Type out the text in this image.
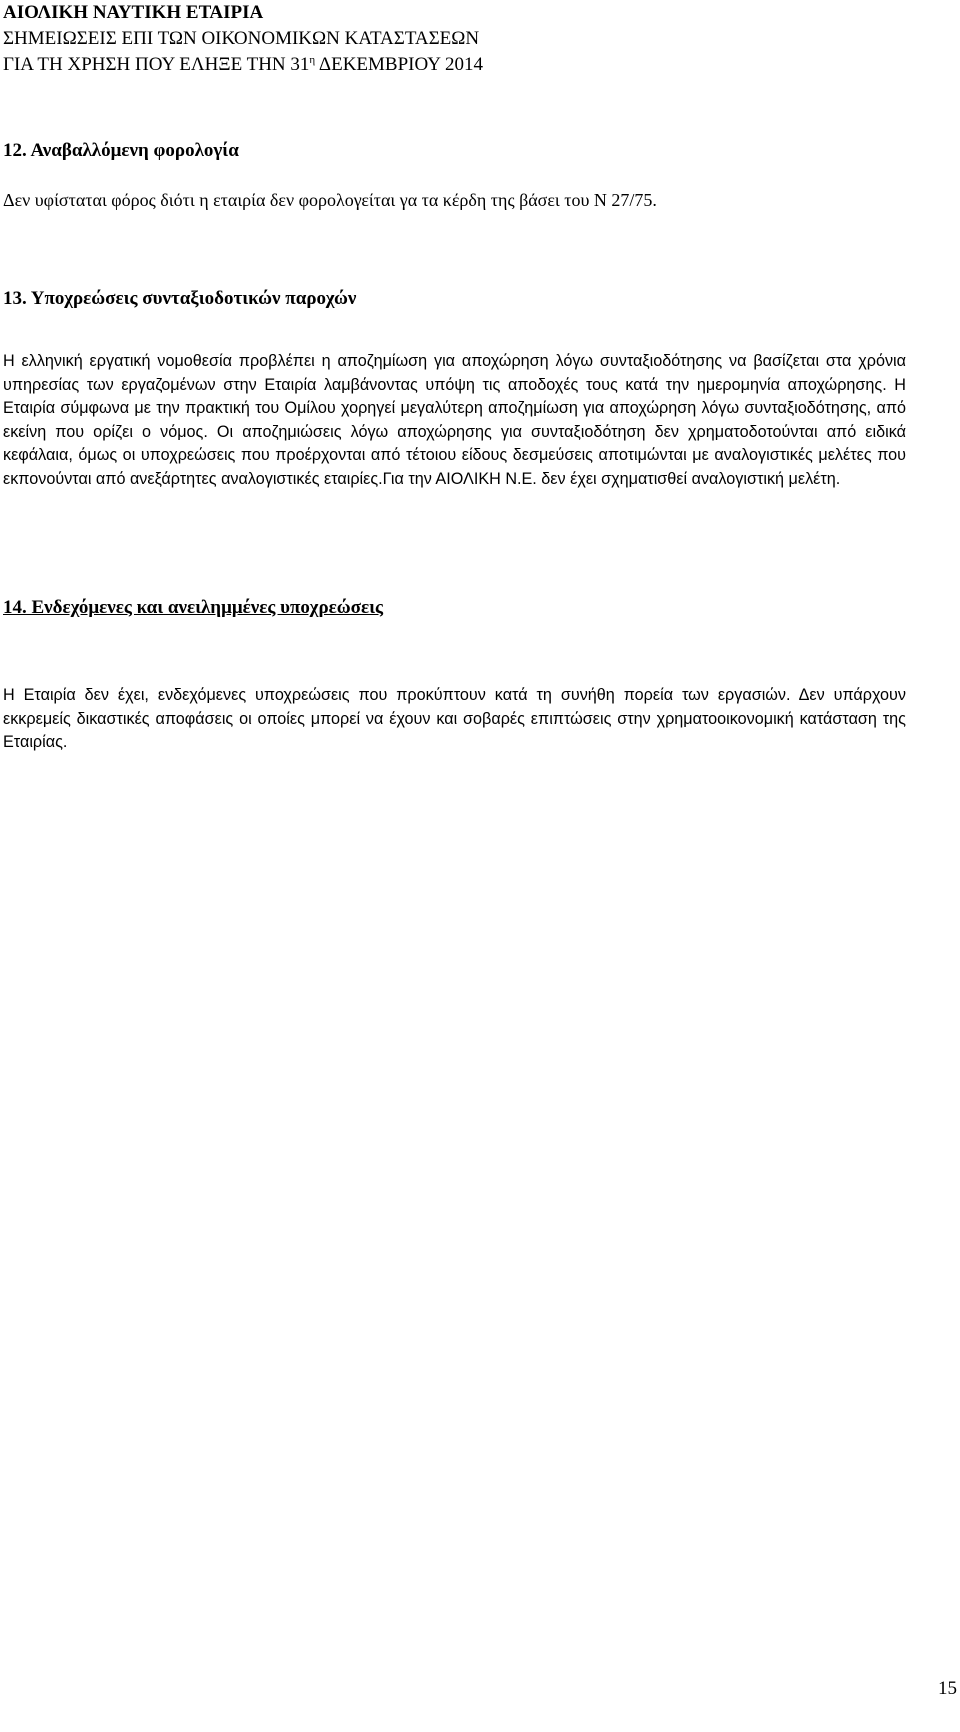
ΑΙΟΛΙΚΗ ΝΑΥΤΙΚΗ ΕΤΑΙΡΙΑ
ΣΗΜΕΙΩΣΕΙΣ ΕΠΙ ΤΩΝ ΟΙΚΟΝΟΜΙΚΩΝ ΚΑΤΑΣΤΑΣΕΩΝ
ΓΙΑ ΤΗ ΧΡΗΣΗ ΠΟΥ ΕΛΗΞΕ ΤΗΝ $31^\eta$ ΔΕΚΕΜΒΡΙΟΥ 2014
12. Αναβαλλόμενη φορολογία
Δεν υφίσταται φόρος διότι η εταιρία δεν φορολογείται γα τα κέρδη της βάσει του Ν 27/75.
13. Υποχρεώσεις συνταξιοδοτικών παροχών
Η ελληνική εργατική νομοθεσία προβλέπει η αποζημίωση για αποχώρηση λόγω συνταξιοδότησης να βασίζεται στα χρόνια υπηρεσίας των εργαζομένων στην Εταιρία λαμβάνοντας υπόψη τις αποδοχές τους κατά την ημερομηνία αποχώρησης. Η Εταιρία σύμφωνα με την πρακτική του Ομίλου χορηγεί μεγαλύτερη αποζημίωση για αποχώρηση λόγω συνταξιοδότησης, από εκείνη που ορίζει ο νόμος. Οι αποζημιώσεις λόγω αποχώρησης για συνταξιοδότηση δεν χρηματοδοτούνται από ειδικά κεφάλαια, όμως οι υποχρεώσεις που προέρχονται από τέτοιου είδους δεσμεύσεις αποτιμώνται με αναλογιστικές μελέτες που εκπονούνται από ανεξάρτητες αναλογιστικές εταιρίες.Για την ΑΙΟΛΙΚΗ Ν.Ε. δεν έχει σχηματισθεί αναλογιστική μελέτη.
14. Ενδεχόμενες και ανειλημμένες υποχρεώσεις
Η Εταιρία δεν έχει, ενδεχόμενες υποχρεώσεις που προκύπτουν κατά τη συνήθη πορεία των εργασιών. Δεν υπάρχουν εκκρεμείς δικαστικές αποφάσεις οι οποίες μπορεί να έχουν και σοβαρές επιπτώσεις στην χρηματοοικονομική κατάσταση της Εταιρίας.
15
